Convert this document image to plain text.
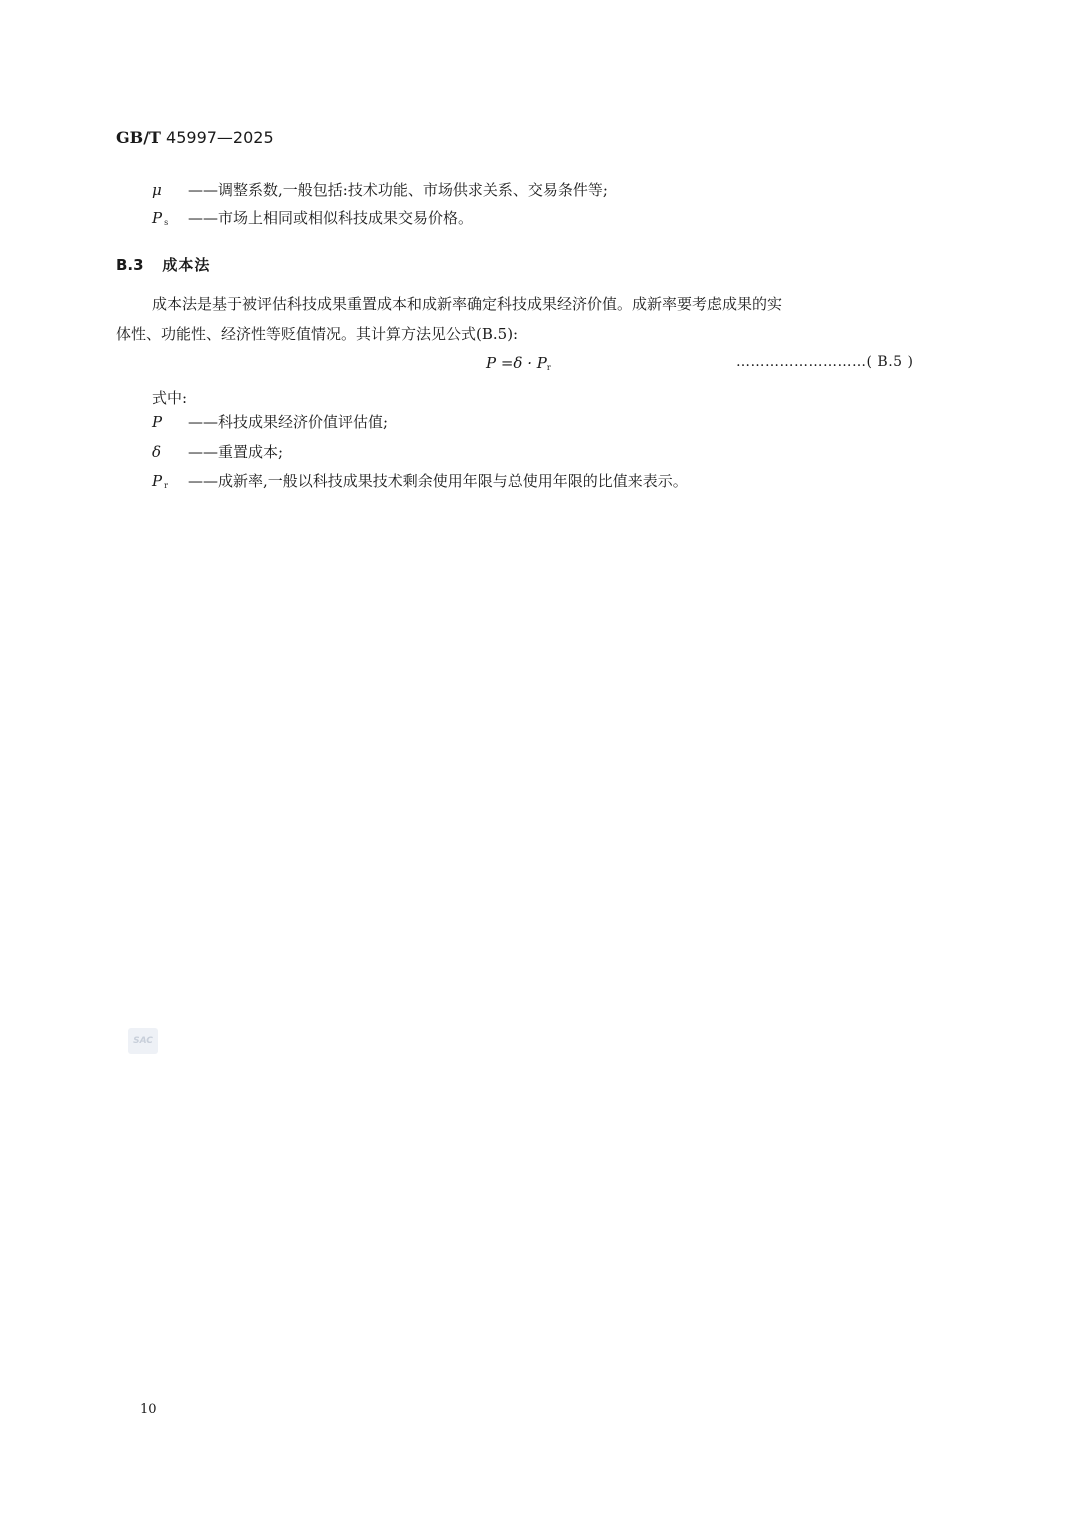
GB/T 45997—2025
μ ——调整系数,一般包括:技术功能、市场供求关系、交易条件等;
P $_s$ ——市场上相同或相似科技成果交易价格。
B.3 成本法
成本法是基于被评估科技成果重置成本和成新率确定科技成果经济价值。成新率要考虑成果的实
体性、功能性、经济性等贬值情况。其计算方法见公式(B.5):
$P =\delta \cdot P_r$	………………………( B.5 )
式中:
P ——科技成果经济价值评估值;
δ ——重置成本;
P $_r$ ——成新率,一般以科技成果技术剩余使用年限与总使用年限的比值来表示。
SAC
10
